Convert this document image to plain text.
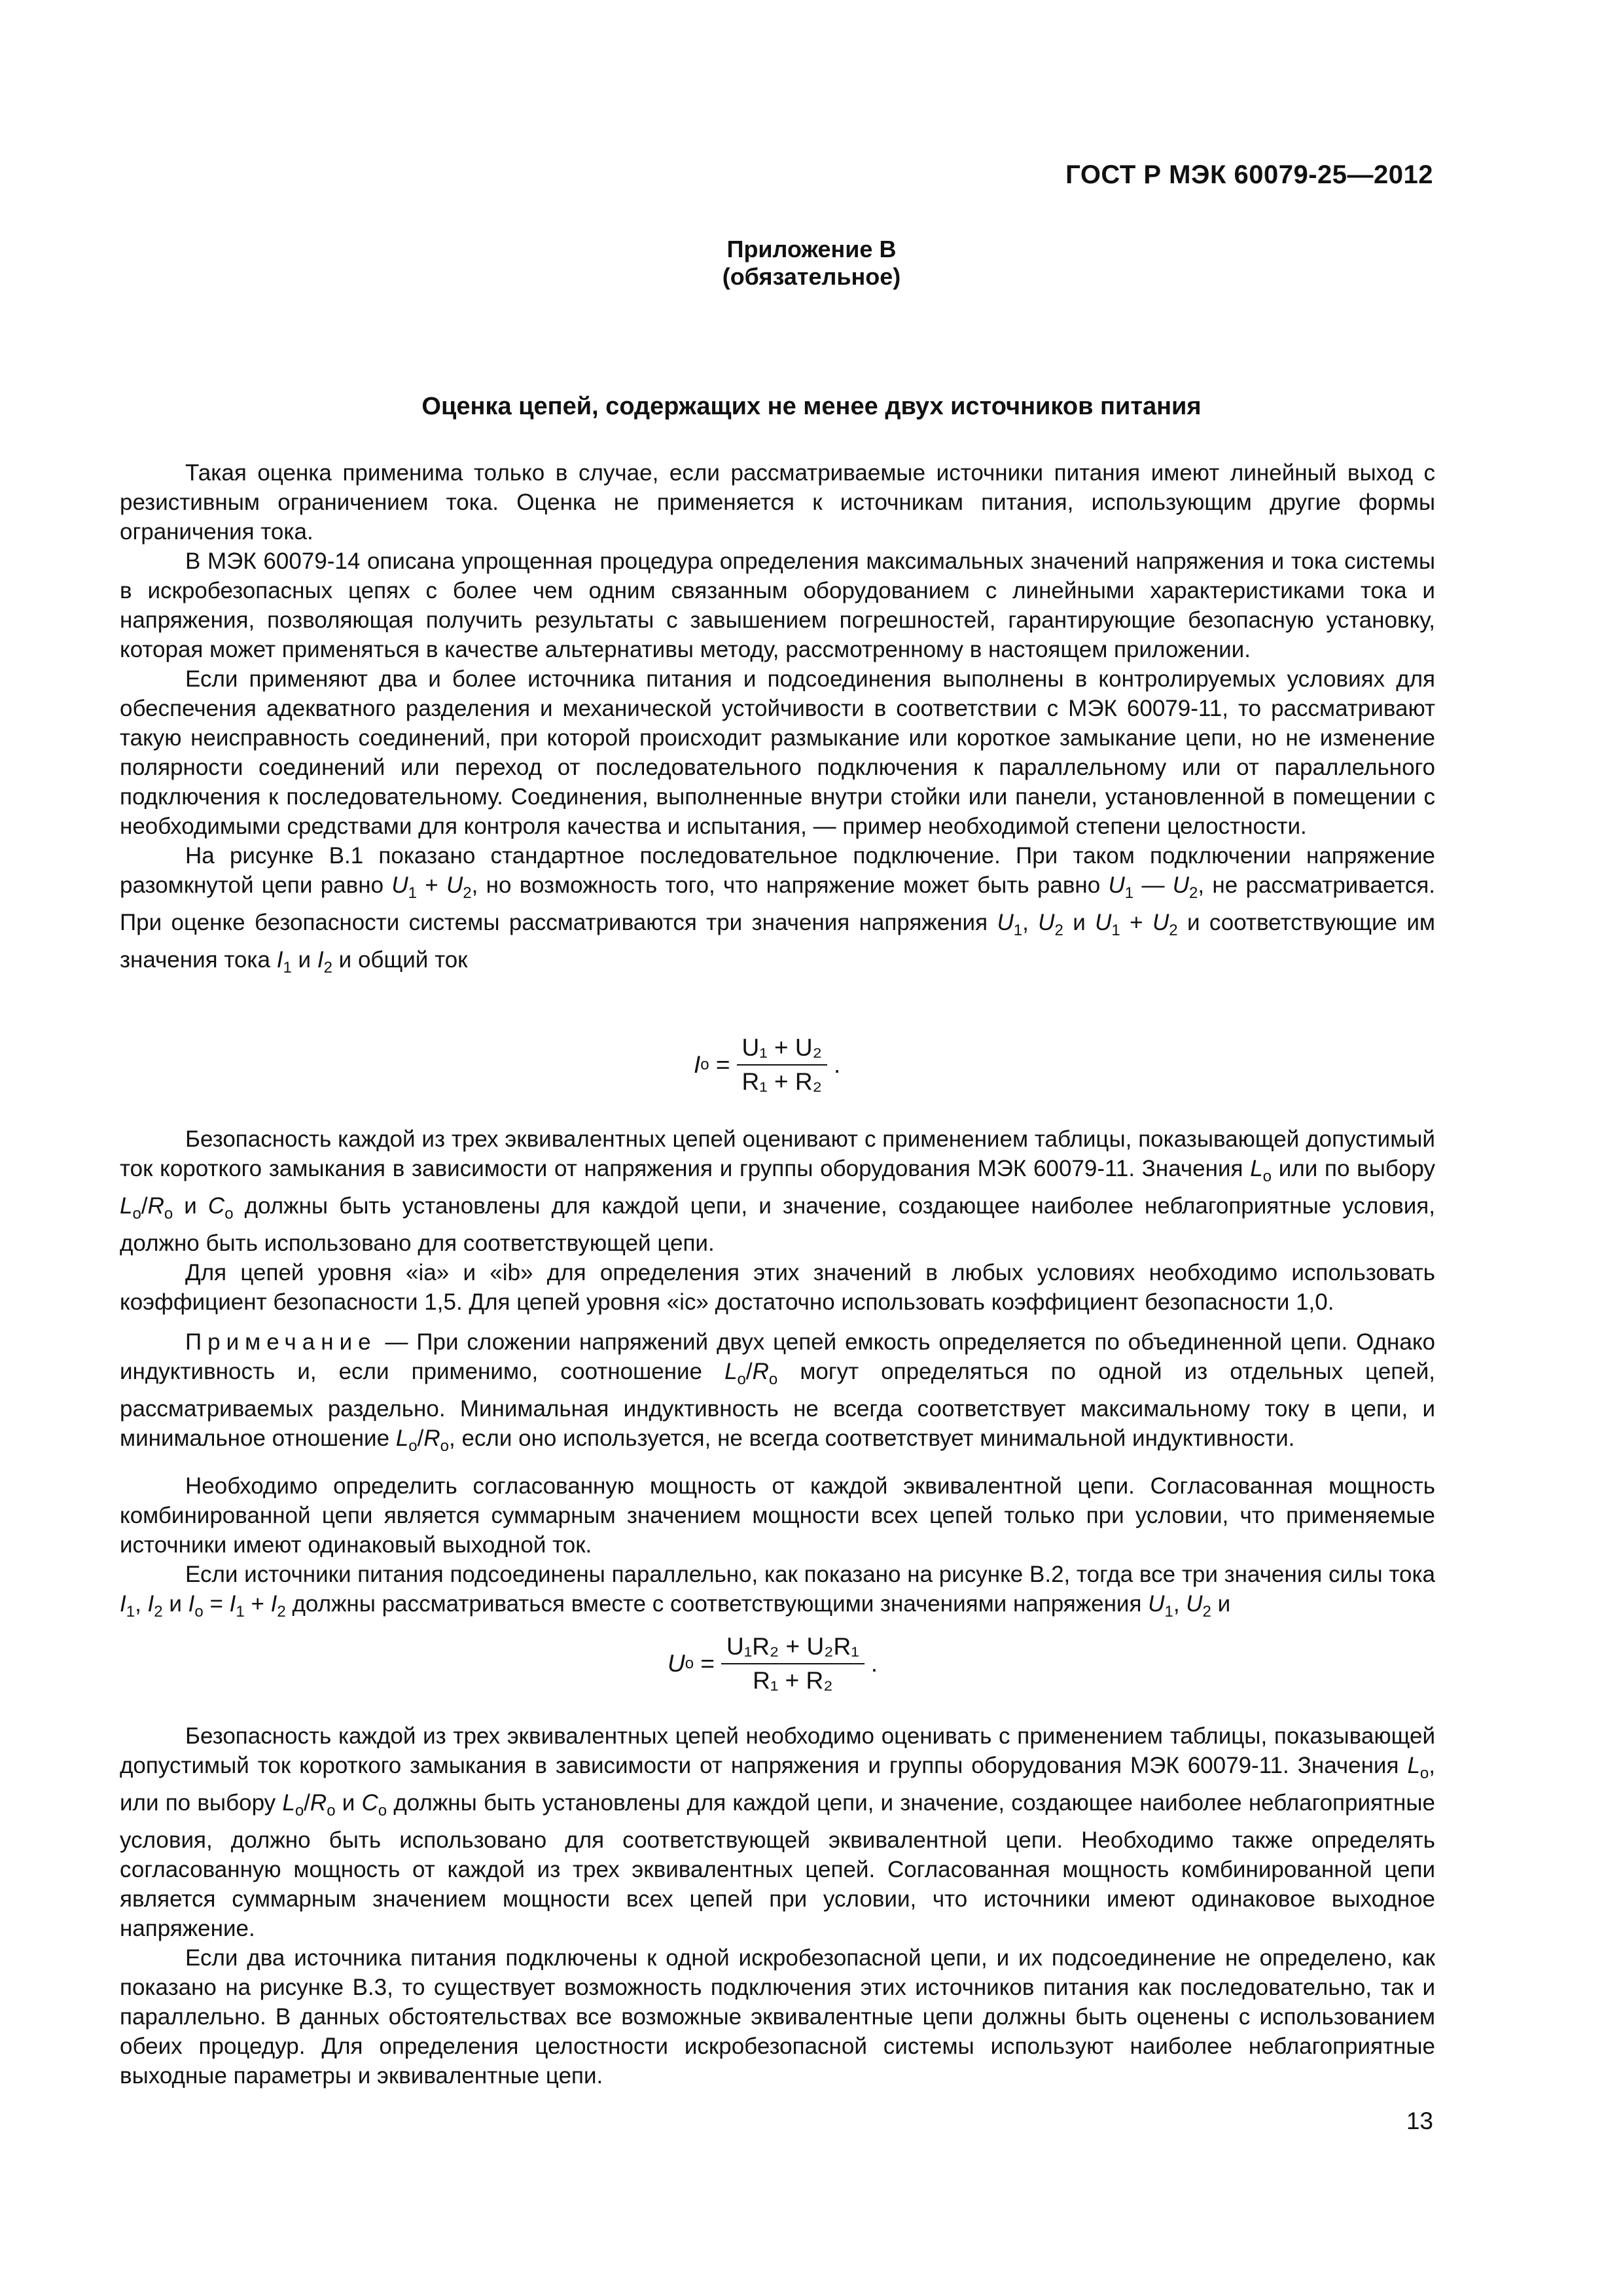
ГОСТ Р МЭК 60079-25—2012
Приложение В
(обязательное)
Оценка цепей, содержащих не менее двух источников питания

Такая оценка применима только в случае, если рассматриваемые источники питания имеют линейный выход с резистивным ограничением тока. Оценка не применяется к источникам питания, использующим другие формы ограничения тока.

В МЭК 60079-14 описана упрощенная процедура определения максимальных значений напряжения и тока системы в искробезопасных цепях с более чем одним связанным оборудованием с линейными характеристиками тока и напряжения, позволяющая получить результаты с завышением погрешностей, гарантирующие безопасную установку, которая может применяться в качестве альтернативы методу, рассмотренному в настоящем приложении.

Если применяют два и более источника питания и подсоединения выполнены в контролируемых условиях для обеспечения адекватного разделения и механической устойчивости в соответствии с МЭК 60079-11, то рассматривают такую неисправность соединений, при которой происходит размыкание или короткое замыкание цепи, но не изменение полярности соединений или переход от последовательного подключения к параллельному или от параллельного подключения к последовательному. Соединения, выполненные внутри стойки или панели, установленной в помещении с необходимыми средствами для контроля качества и испытания, — пример необходимой степени целостности.

На рисунке В.1 показано стандартное последовательное подключение. При таком подключении напряжение разомкнутой цепи равно $U_1 + U_2$, но возможность того, что напряжение может быть равно $U_1$ — $U_2$, не рассматривается. При оценке безопасности системы рассматриваются три значения напряжения $U_1$, $U_2$ и $U_1 + U_2$ и соответствующие им значения тока $I_1$ и $I_2$ и общий ток

I $o = \frac{\text{U₁ + U₂}}{\text{R₁ + R₂}}$ .

Безопасность каждой из трех эквивалентных цепей оценивают с применением таблицы, показывающей допустимый ток короткого замыкания в зависимости от напряжения и группы оборудования МЭК 60079-11. Значения $L_o$ или по выбору $L_o/R_o$ и $C_o$ должны быть установлены для каждой цепи, и значение, создающее наиболее неблагоприятные условия, должно быть использовано для соответствующей цепи.

Для цепей уровня «ia» и «ib» для определения этих значений в любых условиях необходимо использовать коэффициент безопасности 1,5. Для цепей уровня «ic» достаточно использовать коэффициент безопасности 1,0.

Примечание — При сложении напряжений двух цепей емкость определяется по объединенной цепи. Однако индуктивность и, если применимо, соотношение $L_o/R_o$ могут определяться по одной из отдельных цепей, рассматриваемых раздельно. Минимальная индуктивность не всегда соответствует максимальному току в цепи, и минимальное отношение $L_o/R_o$, если оно используется, не всегда соответствует минимальной индуктивности.

Необходимо определить согласованную мощность от каждой эквивалентной цепи. Согласованная мощность комбинированной цепи является суммарным значением мощности всех цепей только при условии, что применяемые источники имеют одинаковый выходной ток.

Если источники питания подсоединены параллельно, как показано на рисунке В.2, тогда все три значения силы тока $I_1$, $I_2$ и $I_o = I_1 + I_2$ должны рассматриваться вместе с соответствующими значениями напряжения $U_1$, $U_2$ и

U $o = \frac{\text{U₁R₂ + U₂R₁}}{\text{R₁ + R₂}}$ .

Безопасность каждой из трех эквивалентных цепей необходимо оценивать с применением таблицы, показывающей допустимый ток короткого замыкания в зависимости от напряжения и группы оборудования МЭК 60079-11. Значения $L_o$, или по выбору $L_o/R_o$ и $C_o$ должны быть установлены для каждой цепи, и значение, создающее наиболее неблагоприятные условия, должно быть использовано для соответствующей эквивалентной цепи. Необходимо также определять согласованную мощность от каждой из трех эквивалентных цепей. Согласованная мощность комбинированной цепи является суммарным значением мощности всех цепей при условии, что источники имеют одинаковое выходное напряжение.

Если два источника питания подключены к одной искробезопасной цепи, и их подсоединение не определено, как показано на рисунке В.3, то существует возможность подключения этих источников питания как последовательно, так и параллельно. В данных обстоятельствах все возможные эквивалентные цепи должны быть оценены с использованием обеих процедур. Для определения целостности искробезопасной системы используют наиболее неблагоприятные выходные параметры и эквивалентные цепи.

13
